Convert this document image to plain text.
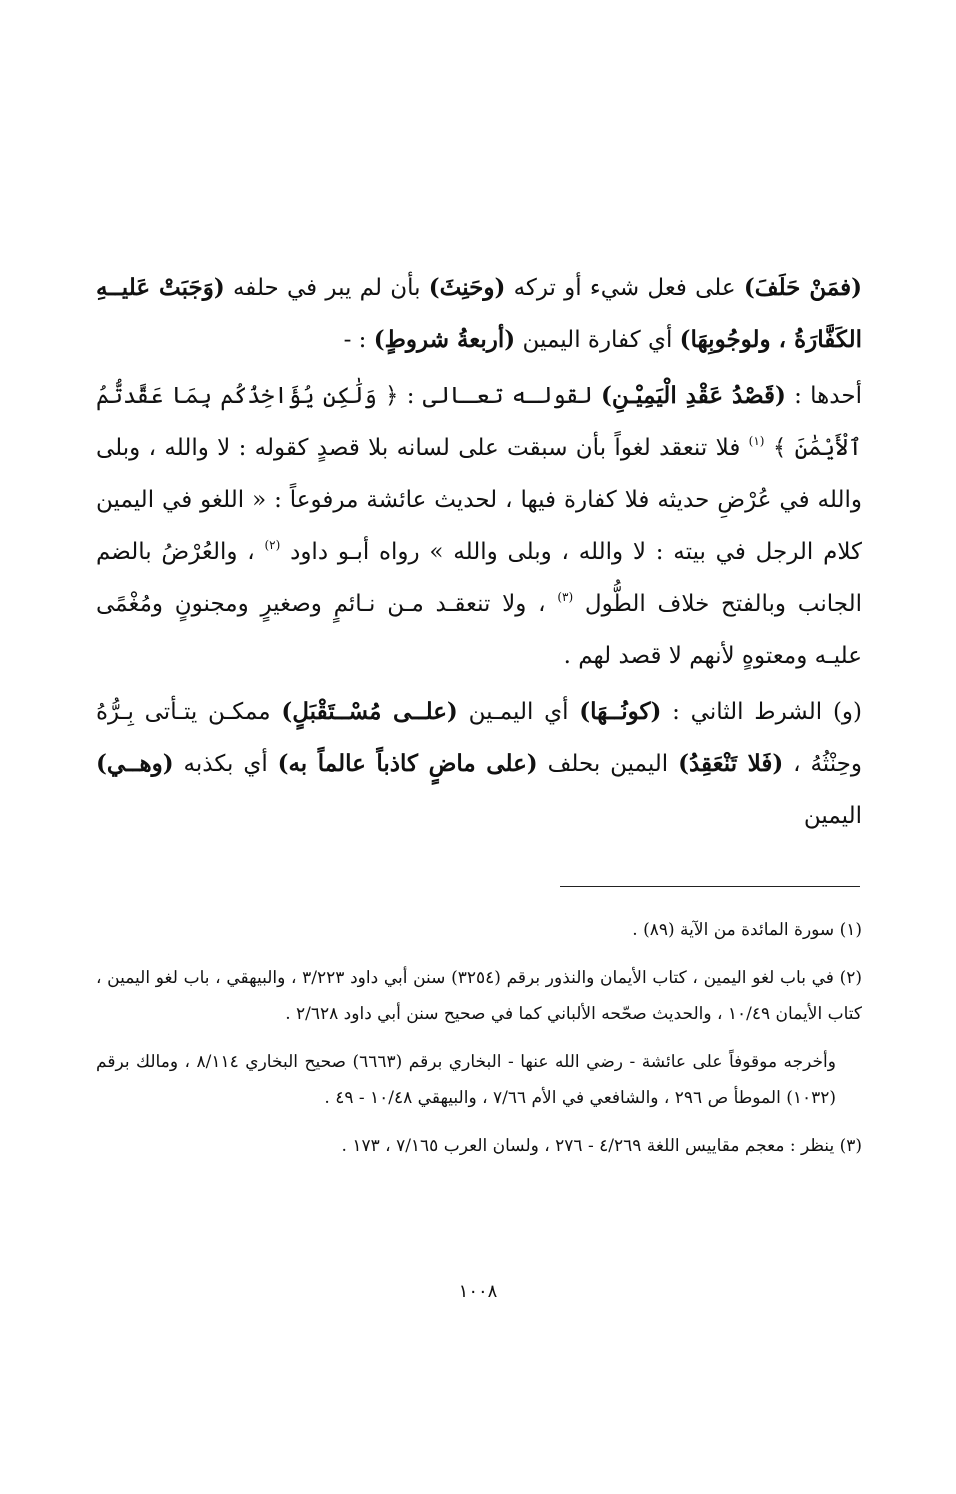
(فمَنْ حَلَفَ) على فعل شيء أو تركه (وحَنِثَ) بأن لم يبر في حلفه (وَجَبَتْ عَليــهِ الكَفَّارَةُ ، ولوجُوبِهَا) أي كفارة اليمين (أربعةُ شروطٍ) : -

أحدها : (قَصْدُ عَقْدِ الْيَمِيْـنِ) لقولـه تعـالى : ﴿ وَلَٰكِن يُؤَاخِذُكُم بِمَا عَقَّدتُّمُ ٱلْأَيْمَٰنَ ﴾ $^{(١)}$ فلا تنعقد لغواً بأن سبقت على لسانه بلا قصدٍ كقوله : لا والله ، وبلى والله في عُرْضِ حديثه فلا كفارة فيها ، لحديث عائشة مرفوعاً : « اللغو في اليمين كلام الرجل في بيته : لا والله ، وبلى والله » رواه أبـو داود $^{(٢)}$ ، والعُرْضُ بالضم الجانب وبالفتح خلاف الطُّول $^{(٣)}$ ، ولا تنعقـد مـن نـائمٍ وصغيرٍ ومجنونٍ ومُغْمًى عليـه ومعتوهٍ لأنهم لا قصد لهم .

(و) الشرط الثاني : (كونُــهَا) أي اليمـين (علــى مُسْــتَقْبَلٍ) ممكـن يتـأتى بِـرُّهُ وحِنْثُهُ ، (فَلا تَنْعَقِدُ) اليمين بحلف (على ماضٍ كاذباً عالماً به) أي بكذبه (وهــي) اليمين

(١) سورة المائدة من الآية (٨٩) .

(٢) في باب لغو اليمين ، كتاب الأيمان والنذور برقم (٣٢٥٤) سنن أبي داود ٣/٢٢٣ ، والبيهقي ، باب لغو اليمين ، كتاب الأيمان ١٠/٤٩ ، والحديث صحّحه الألباني كما في صحيح سنن أبي داود ٢/٦٢٨ .

وأخرجه موقوفاً على عائشة - رضي الله عنها - البخاري برقم (٦٦٦٣) صحيح البخاري ٨/١١٤ ، ومالك برقم (١٠٣٢) الموطأ ص ٢٩٦ ، والشافعي في الأم ٧/٦٦ ، والبيهقي ١٠/٤٨ - ٤٩ .

(٣) ينظر : معجم مقاييس اللغة ٤/٢٦٩ - ٢٧٦ ، ولسان العرب ٧/١٦٥ ، ١٧٣ .

١٠٠٨
